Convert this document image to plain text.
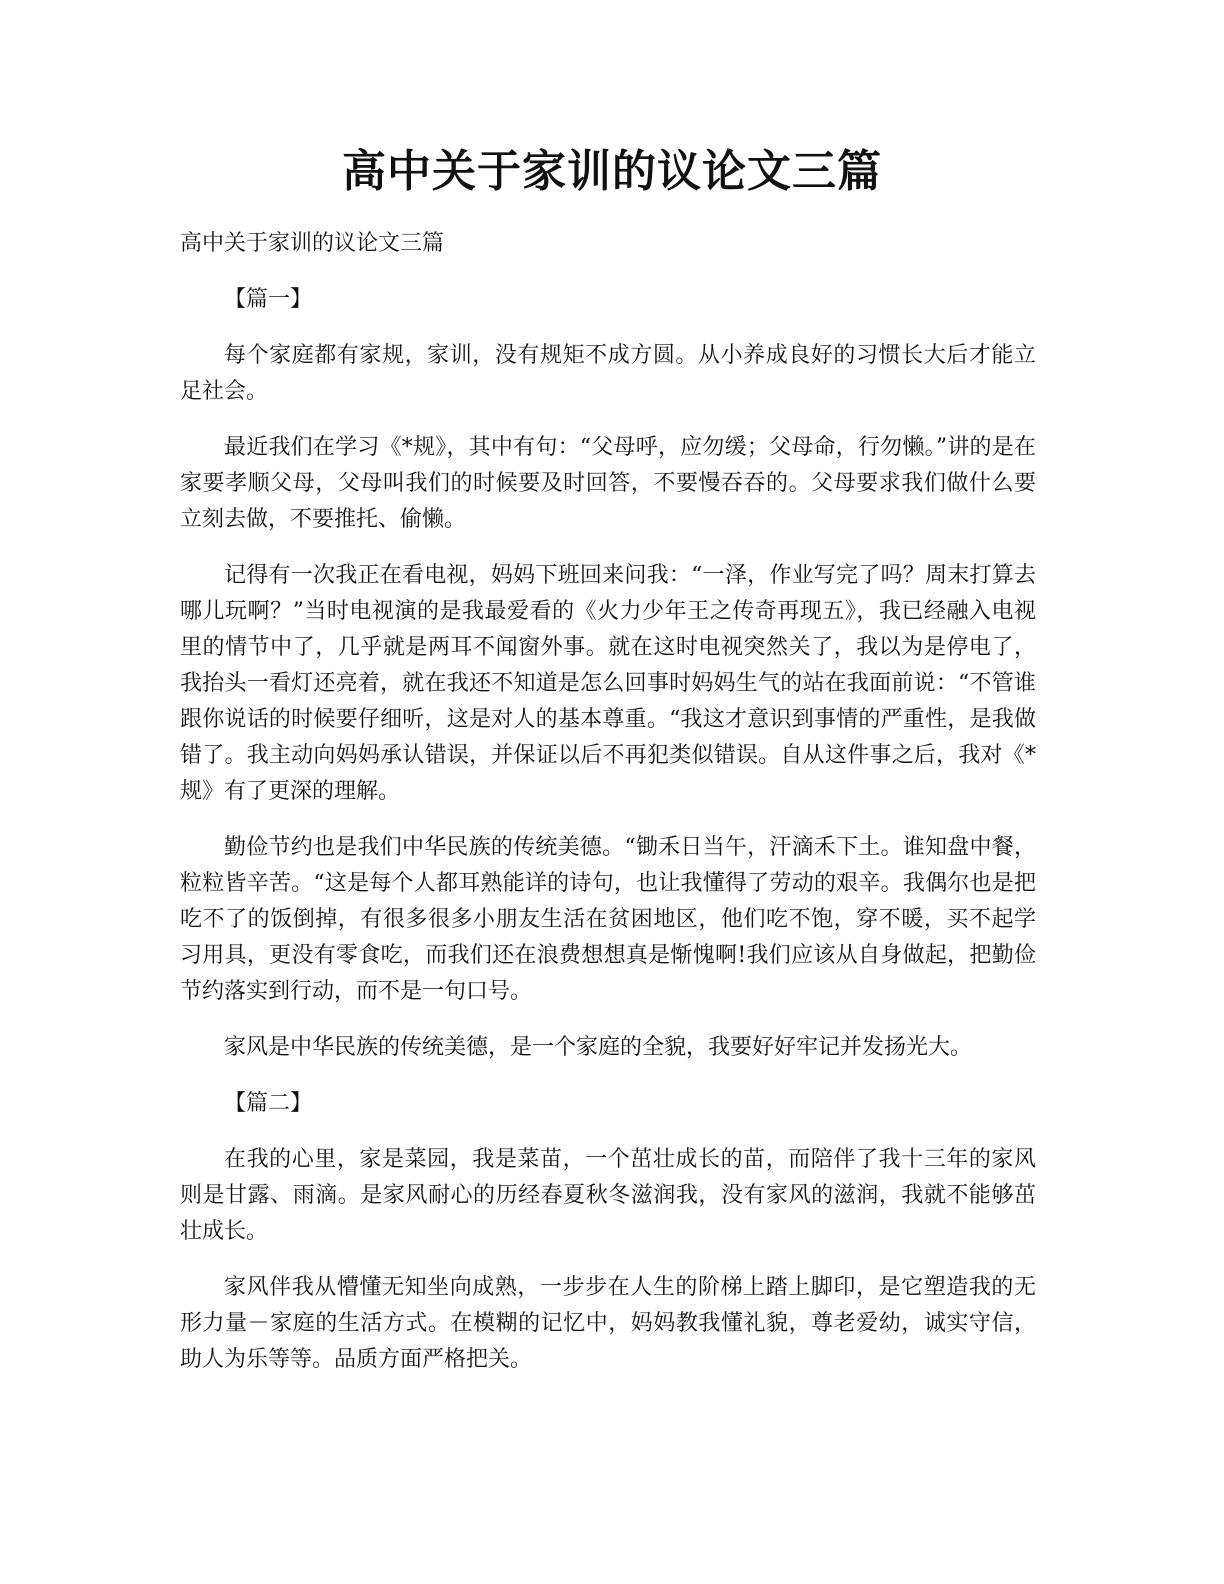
高中关于家训的议论文三篇

高中关于家训的议论文三篇

【篇一】

每个家庭都有家规，家训，没有规矩不成方圆。从小养成良好的习惯长大后才能立足社会。

最近我们在学习《*规》，其中有句：“父母呼，应勿缓；父母命，行勿懒。”讲的是在家要孝顺父母，父母叫我们的时候要及时回答，不要慢吞吞的。父母要求我们做什么要立刻去做，不要推托、偷懒。

记得有一次我正在看电视，妈妈下班回来问我：“一泽，作业写完了吗？周末打算去哪儿玩啊？”当时电视演的是我最爱看的《火力少年王之传奇再现五》，我已经融入电视里的情节中了，几乎就是两耳不闻窗外事。就在这时电视突然关了，我以为是停电了，我抬头一看灯还亮着，就在我还不知道是怎么回事时妈妈生气的站在我面前说：“不管谁跟你说话的时候要仔细听，这是对人的基本尊重。“我这才意识到事情的严重性，是我做错了。我主动向妈妈承认错误，并保证以后不再犯类似错误。自从这件事之后，我对《*规》有了更深的理解。

勤俭节约也是我们中华民族的传统美德。“锄禾日当午，汗滴禾下土。谁知盘中餐，粒粒皆辛苦。“这是每个人都耳熟能详的诗句，也让我懂得了劳动的艰辛。我偶尔也是把吃不了的饭倒掉，有很多很多小朋友生活在贫困地区，他们吃不饱，穿不暖，买不起学习用具，更没有零食吃，而我们还在浪费想想真是惭愧啊!我们应该从自身做起，把勤俭节约落实到行动，而不是一句口号。

家风是中华民族的传统美德，是一个家庭的全貌，我要好好牢记并发扬光大。

【篇二】

在我的心里，家是菜园，我是菜苗，一个茁壮成长的苗，而陪伴了我十三年的家风则是甘露、雨滴。是家风耐心的历经春夏秋冬滋润我，没有家风的滋润，我就不能够茁壮成长。

家风伴我从懵懂无知坐向成熟，一步步在人生的阶梯上踏上脚印，是它塑造我的无形力量－家庭的生活方式。在模糊的记忆中，妈妈教我懂礼貌，尊老爱幼，诚实守信，助人为乐等等。品质方面严格把关。
